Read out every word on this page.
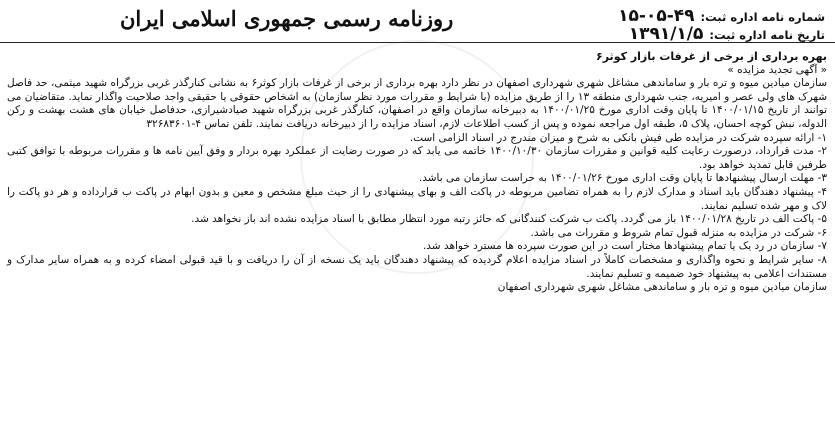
شماره نامه اداره ثبت:
۱۵-۰۵-۴۹
تاریخ نامه اداره ثبت:
۱۳۹۱/۱/۵
روزنامه رسمی جمهوری اسلامی ایران
بهره برداری از برخی از غرفات بازار کوثر۶
« آگهی تجدید مزایده »

سازمان میادین میوه و تره بار و ساماندهی مشاغل شهری شهرداری اصفهان در نظر دارد بهره برداری از برخی از غرفات بازار کوثر۶ به نشانی کنارگذر غربی بزرگراه شهید میثمی، حد فاصل شهرک های ولی عصر و امیریه، جنب شهرداری منطقه ۱۳ را از طریق مزایده (با شرایط و مقررات مورد نظر سازمان) به اشخاص حقوقی یا حقیقی واجد صلاحیت واگذار نماید. متقاضیان می توانند از تاریخ ۱۴۰۰/۰۱/۱۵ تا پایان وقت اداری مورخ ۱۴۰۰/۰۱/۲۵ به دبیرخانه سازمان واقع در اصفهان، کنارگذر غربی بزرگراه شهید صیادشیرازی، حدفاصل خیابان های هشت بهشت و رکن الدوله، نبش کوچه احسان، پلاک ۵، طبقه اول مراجعه نموده و پس از کسب اطلاعات لازم، اسناد مزایده را از دبیرخانه دریافت نمایند. تلفن تماس ۴-۳۲۶۸۳۶۰۱

۱- ارائه سپرده شرکت در مزایده طی فیش بانکی به شرح و میزان مندرج در اسناد الزامی است.

۲- مدت قرارداد، درصورت رعایت کلیه قوانین و مقررات سازمان ۱۴۰۰/۱۰/۳۰ خاتمه می یابد که در صورت رضایت از عملکرد بهره بردار و وفق آیین نامه ها و مقررات مربوطه با توافق کتبی طرفین قابل تمدید خواهد بود.

۳- مهلت ارسال پیشنهادها تا پایان وقت اداری مورخ ۱۴۰۰/۰۱/۲۶ به حراست سازمان می باشد.

۴- پیشنهاد دهندگان باید اسناد و مدارک لازم را به همراه تضامین مربوطه در پاکت الف و بهای پیشنهادی را از حیث مبلغ مشخص و معین و بدون ابهام در پاکت ب قرارداده و هر دو پاکت را لاک و مهر شده تسلیم نمایند.

۵- پاکت الف در تاریخ ۱۴۰۰/۰۱/۲۸ باز می گردد. پاکت ب شرکت کنندگانی که حائز رتبه مورد انتظار مطابق با اسناد مزایده نشده اند باز نخواهد شد.

۶- شرکت در مزایده به منزله قبول تمام شروط و مقررات می باشد.

۷- سازمان در رد یک یا تمام پیشنهادها مختار است در این صورت سپرده ها مسترد خواهد شد.

۸- سایر شرایط و نحوه واگذاری و مشخصات کاملاً در اسناد مزایده اعلام گردیده که پیشنهاد دهندگان باید یک نسخه از آن را دریافت و با قید قبولی امضاء کرده و به همراه سایر مدارک و مستندات اعلامی به پیشنهاد خود ضمیمه و تسلیم نمایند.

سازمان میادین میوه و تره بار و ساماندهی مشاغل شهری شهرداری اصفهان
